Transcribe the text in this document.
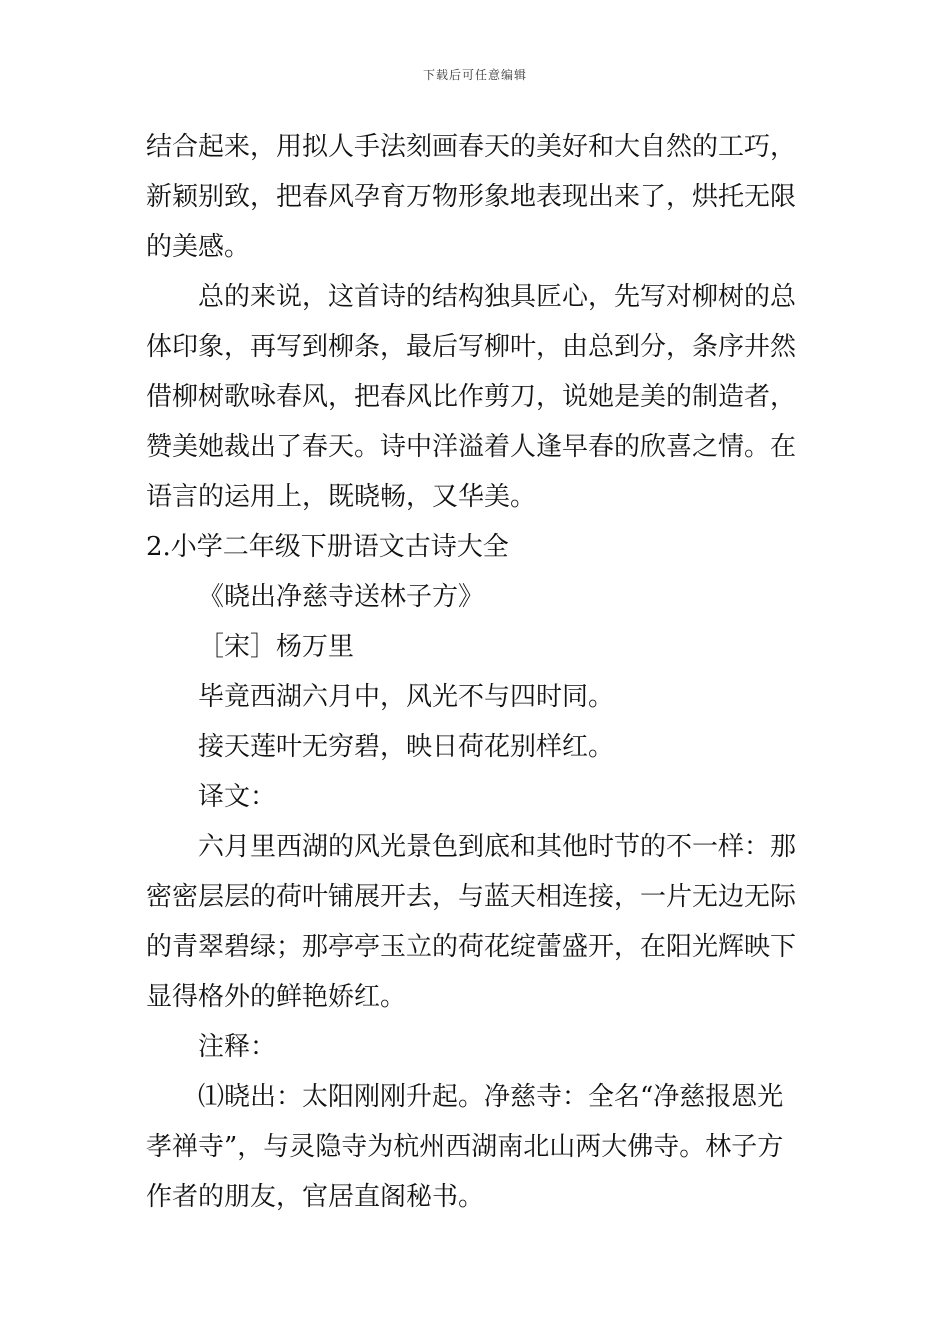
下载后可任意编辑
结合起来，用拟人手法刻画春天的美好和大自然的工巧，
新颖别致，把春风孕育万物形象地表现出来了，烘托无限
的美感。
总的来说，这首诗的结构独具匠心，先写对柳树的总
体印象，再写到柳条，最后写柳叶，由总到分，条序井然
借柳树歌咏春风，把春风比作剪刀，说她是美的制造者，
赞美她裁出了春天。诗中洋溢着人逢早春的欣喜之情。在
语言的运用上，既晓畅，又华美。
2.小学二年级下册语文古诗大全
《晓出净慈寺送林子方》
［宋］杨万里
毕竟西湖六月中，风光不与四时同。
接天莲叶无穷碧，映日荷花别样红。
译文：
六月里西湖的风光景色到底和其他时节的不一样：那
密密层层的荷叶铺展开去，与蓝天相连接，一片无边无际
的青翠碧绿；那亭亭玉立的荷花绽蕾盛开，在阳光辉映下
显得格外的鲜艳娇红。
注释：
⑴晓出：太阳刚刚升起。净慈寺：全名“净慈报恩光
孝禅寺”，与灵隐寺为杭州西湖南北山两大佛寺。林子方
作者的朋友，官居直阁秘书。
